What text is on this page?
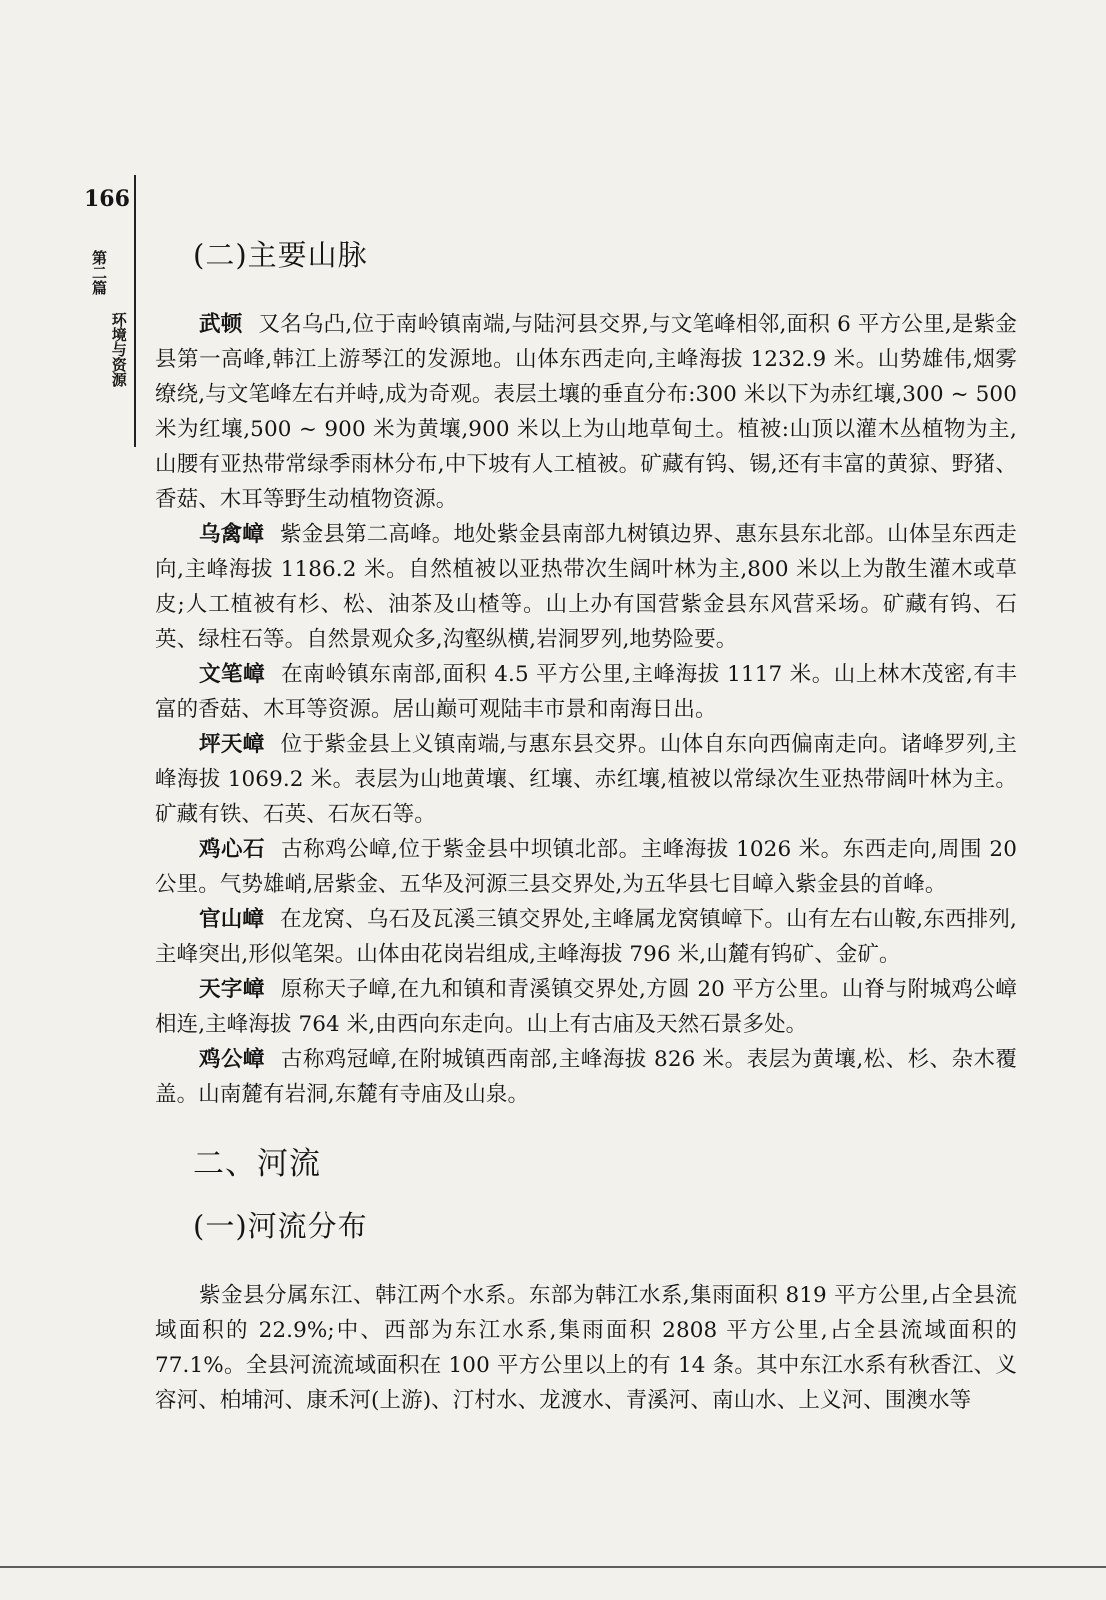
166
第二篇
环境与资源
(二)主要山脉

武顿 又名乌凸,位于南岭镇南端,与陆河县交界,与文笔峰相邻,面积 6 平方公里,是紫金县第一高峰,韩江上游琴江的发源地。山体东西走向,主峰海拔 1232.9 米。山势雄伟,烟雾缭绕,与文笔峰左右并峙,成为奇观。表层土壤的垂直分布:300 米以下为赤红壤,300 ~ 500 米为红壤,500 ~ 900 米为黄壤,900 米以上为山地草甸土。植被:山顶以灌木丛植物为主,山腰有亚热带常绿季雨林分布,中下坡有人工植被。矿藏有钨、锡,还有丰富的黄猄、野猪、香菇、木耳等野生动植物资源。

乌禽嶂 紫金县第二高峰。地处紫金县南部九树镇边界、惠东县东北部。山体呈东西走向,主峰海拔 1186.2 米。自然植被以亚热带次生阔叶林为主,800 米以上为散生灌木或草皮;人工植被有杉、松、油茶及山楂等。山上办有国营紫金县东风营采场。矿藏有钨、石英、绿柱石等。自然景观众多,沟壑纵横,岩洞罗列,地势险要。

文笔嶂 在南岭镇东南部,面积 4.5 平方公里,主峰海拔 1117 米。山上林木茂密,有丰富的香菇、木耳等资源。居山巅可观陆丰市景和南海日出。

坪天嶂 位于紫金县上义镇南端,与惠东县交界。山体自东向西偏南走向。诸峰罗列,主峰海拔 1069.2 米。表层为山地黄壤、红壤、赤红壤,植被以常绿次生亚热带阔叶林为主。矿藏有铁、石英、石灰石等。

鸡心石 古称鸡公嶂,位于紫金县中坝镇北部。主峰海拔 1026 米。东西走向,周围 20 公里。气势雄峭,居紫金、五华及河源三县交界处,为五华县七目嶂入紫金县的首峰。

官山嶂 在龙窝、乌石及瓦溪三镇交界处,主峰属龙窝镇嶂下。山有左右山鞍,东西排列,主峰突出,形似笔架。山体由花岗岩组成,主峰海拔 796 米,山麓有钨矿、金矿。

天字嶂 原称天子嶂,在九和镇和青溪镇交界处,方圆 20 平方公里。山脊与附城鸡公嶂相连,主峰海拔 764 米,由西向东走向。山上有古庙及天然石景多处。

鸡公嶂 古称鸡冠嶂,在附城镇西南部,主峰海拔 826 米。表层为黄壤,松、杉、杂木覆盖。山南麓有岩洞,东麓有寺庙及山泉。

二、河流
(一)河流分布

紫金县分属东江、韩江两个水系。东部为韩江水系,集雨面积 819 平方公里,占全县流域面积的 22.9%;中、西部为东江水系,集雨面积 2808 平方公里,占全县流域面积的 77.1%。全县河流流域面积在 100 平方公里以上的有 14 条。其中东江水系有秋香江、义容河、柏埔河、康禾河(上游)、汀村水、龙渡水、青溪河、南山水、上义河、围澳水等
